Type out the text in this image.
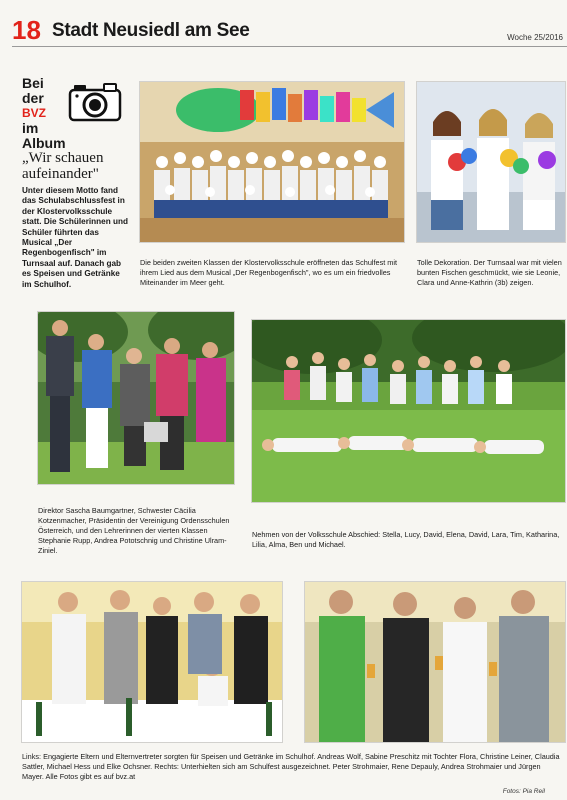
18 Stadt Neusiedl am See	Woche 25/2016
Bei
der
BVZ
im Album
„Wir schauen aufeinander"
Unter diesem Motto fand das Schulabschlussfest in der Klostervolksschule statt. Die Schülerinnen und Schüler führten das Musical „Der Regenbogenfisch" im Turnsaal auf. Danach gab es Speisen und Getränke im Schulhof.
Die beiden zweiten Klassen der Klostervolksschule eröffneten das Schulfest mit ihrem Lied aus dem Musical „Der Regenbogenfisch", wo es um ein friedvolles Miteinander im Meer geht.
Tolle Dekoration. Der Turnsaal war mit vielen bunten Fischen geschmückt, wie sie Leonie, Clara und Anne-Kathrin (3b) zeigen.
Direktor Sascha Baumgartner, Schwester Cäcilia Kotzenmacher, Präsidentin der Vereinigung Ordensschulen Österreich, und den Lehrerinnen der vierten Klassen Stephanie Rupp, Andrea Pototschnig und Christine Ulram-Ziniel.
Nehmen von der Volksschule Abschied: Stella, Lucy, David, Elena, David, Lara, Tim, Katharina, Lilia, Alma, Ben und Michael.
Links: Engagierte Eltern und Elternvertreter sorgten für Speisen und Getränke im Schulhof. Andreas Wolf, Sabine Preschitz mit Tochter Flora, Christine Leiner, Claudia Sattler, Michael Hess und Elke Ochsner. Rechts: Unterhielten sich am Schulfest ausgezeichnet. Peter Strohmaier, Rene Depauly, Andrea Strohmaier und Jürgen Mayer. Alle Fotos gibt es auf bvz.at
Fotos: Pia Reil
